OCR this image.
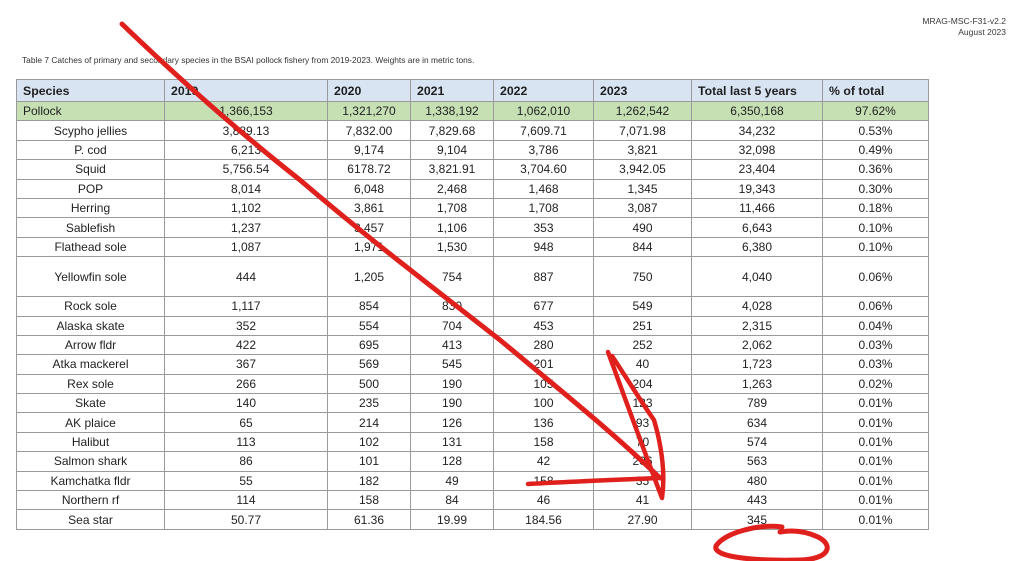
MRAG-MSC-F31-v2.2
August 2023
Table 7 Catches of primary and secondary species in the BSAI pollock fishery from 2019-2023. Weights are in metric tons.
Species	2019	2020	2021	2022	2023	Total last 5 years	% of total
Pollock	1,366,153	1,321,270	1,338,192	1,062,010	1,262,542	6,350,168	97.62%
Scypho jellies	3,889.13	7,832.00	7,829.68	7,609.71	7,071.98	34,232	0.53%
P. cod	6,213	9,174	9,104	3,786	3,821	32,098	0.49%
Squid	5,756.54	6178.72	3,821.91	3,704.60	3,942.05	23,404	0.36%
POP	8,014	6,048	2,468	1,468	1,345	19,343	0.30%
Herring	1,102	3,861	1,708	1,708	3,087	11,466	0.18%
Sablefish	1,237	3,457	1,106	353	490	6,643	0.10%
Flathead sole	1,087	1,971	1,530	948	844	6,380	0.10%
Yellowfin sole	444	1,205	754	887	750	4,040	0.06%
Rock sole	1,117	854	830	677	549	4,028	0.06%
Alaska skate	352	554	704	453	251	2,315	0.04%
Arrow fldr	422	695	413	280	252	2,062	0.03%
Atka mackerel	367	569	545	201	40	1,723	0.03%
Rex sole	266	500	190	105	204	1,263	0.02%
Skate	140	235	190	100	123	789	0.01%
AK plaice	65	214	126	136	93	634	0.01%
Halibut	113	102	131	158	70	574	0.01%
Salmon shark	86	101	128	42	206	563	0.01%
Kamchatka fldr	55	182	49	158	35	480	0.01%
Northern rf	114	158	84	46	41	443	0.01%
Sea star	50.77	61.36	19.99	184.56	27.90	345	0.01%
